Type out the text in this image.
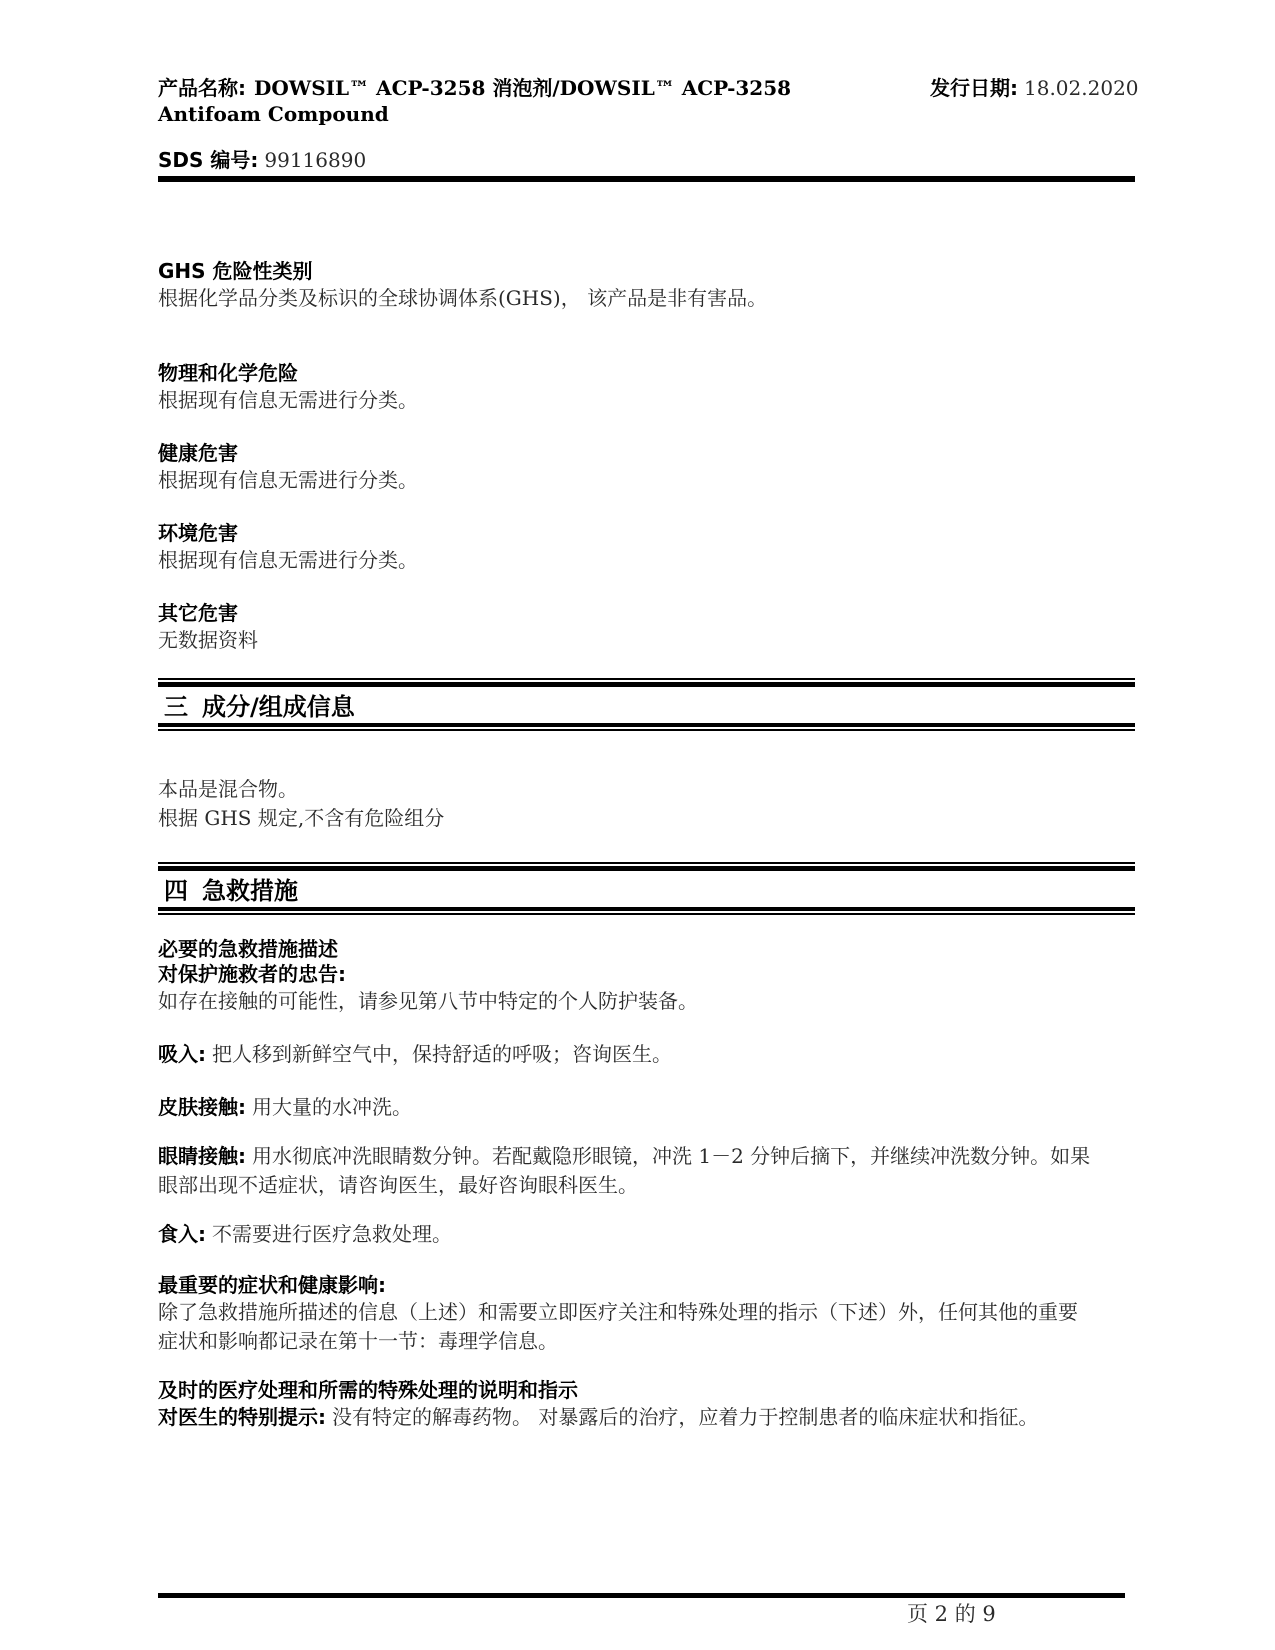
产品名称: DOWSIL™ ACP-3258 消泡剂/DOWSIL™ ACP-3258 Antifoam Compound
发行日期: 18.02.2020
SDS 编号: 99116890
GHS 危险性类别
根据化学品分类及标识的全球协调体系(GHS)， 该产品是非有害品。
物理和化学危险
根据现有信息无需进行分类。
健康危害
根据现有信息无需进行分类。
环境危害
根据现有信息无需进行分类。
其它危害
无数据资料
三 成分/组成信息
本品是混合物。
根据 GHS 规定,不含有危险组分
四 急救措施
必要的急救措施描述
对保护施救者的忠告:
如存在接触的可能性，请参见第八节中特定的个人防护装备。
吸入: 把人移到新鲜空气中，保持舒适的呼吸；咨询医生。
皮肤接触: 用大量的水冲洗。
眼睛接触: 用水彻底冲洗眼睛数分钟。若配戴隐形眼镜，冲洗 1－2 分钟后摘下，并继续冲洗数分钟。如果眼部出现不适症状，请咨询医生，最好咨询眼科医生。
食入: 不需要进行医疗急救处理。
最重要的症状和健康影响:
除了急救措施所描述的信息（上述）和需要立即医疗关注和特殊处理的指示（下述）外，任何其他的重要症状和影响都记录在第十一节：毒理学信息。
及时的医疗处理和所需的特殊处理的说明和指示
对医生的特别提示: 没有特定的解毒药物。 对暴露后的治疗，应着力于控制患者的临床症状和指征。
页 2 的 9
